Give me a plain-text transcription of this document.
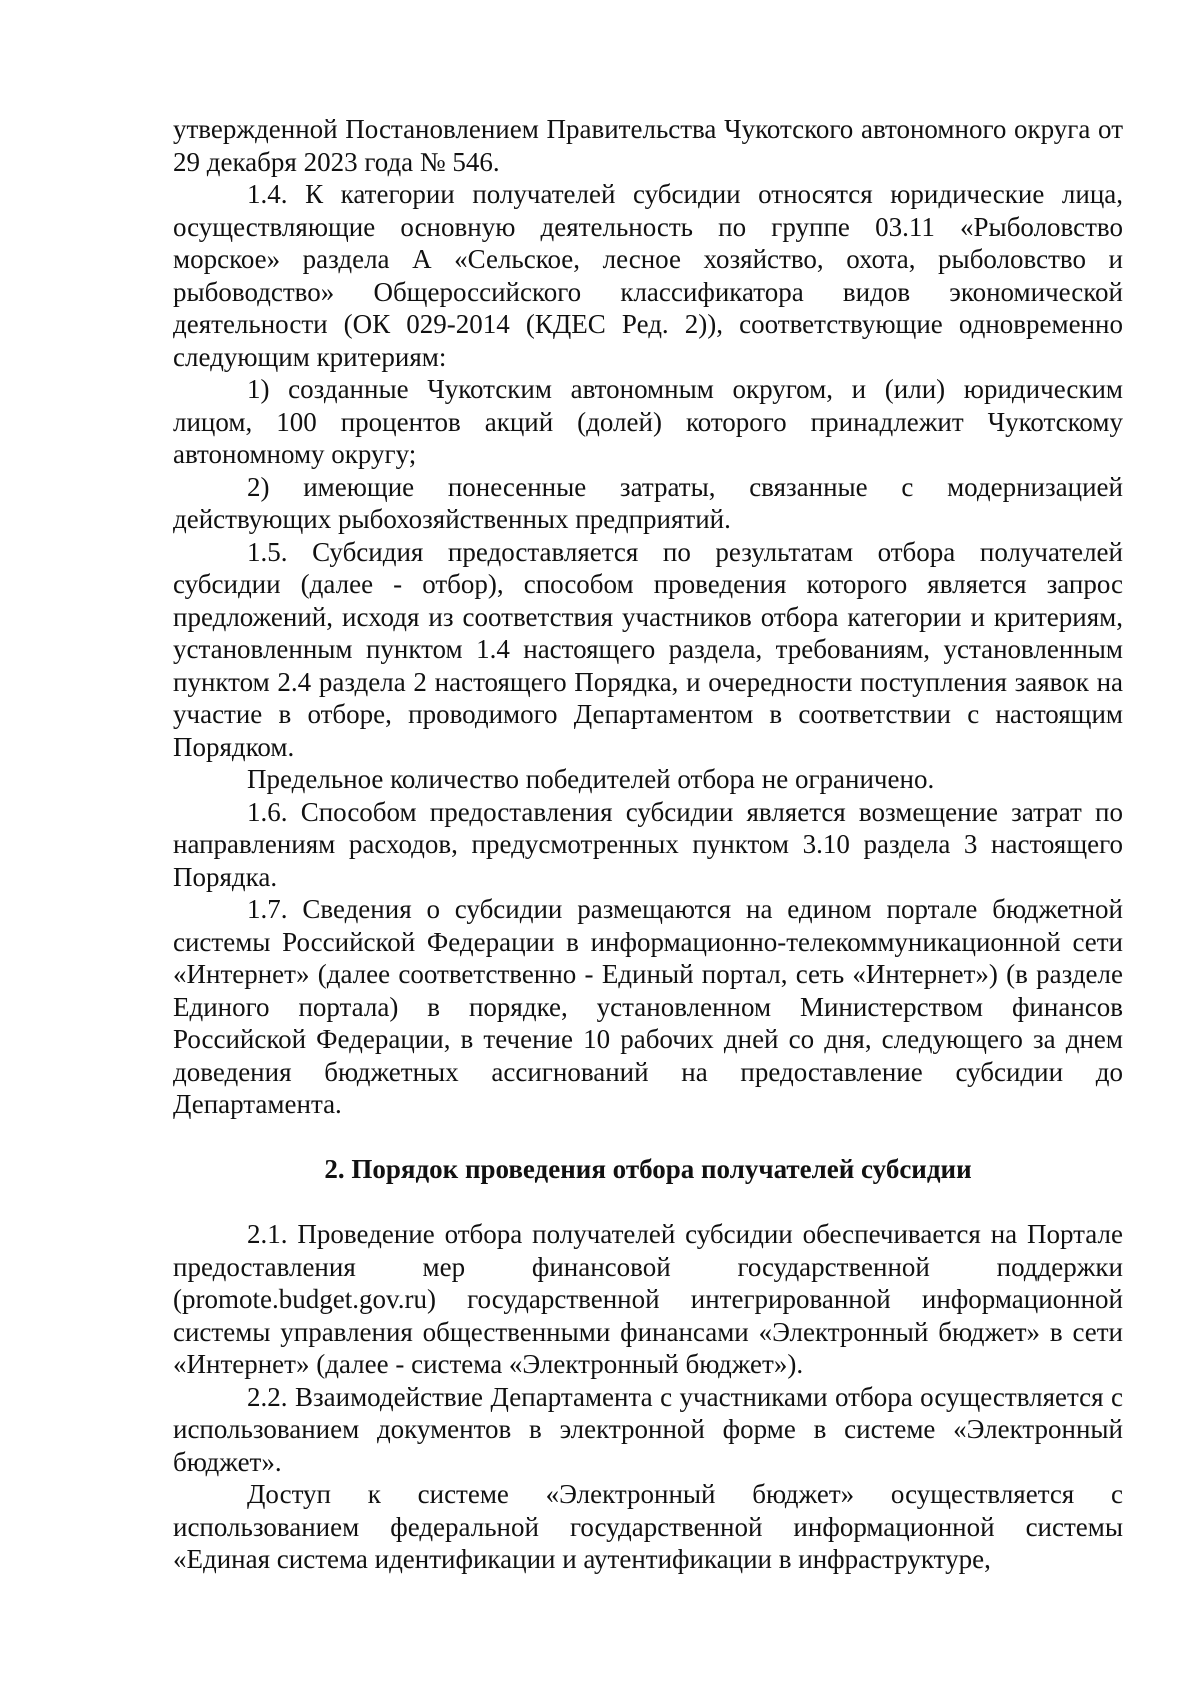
утвержденной Постановлением Правительства Чукотского автономного округа от 29 декабря 2023 года № 546.

1.4. К категории получателей субсидии относятся юридические лица, осуществляющие основную деятельность по группе 03.11 «Рыболовство морское» раздела А «Сельское, лесное хозяйство, охота, рыболовство и рыбоводство» Общероссийского классификатора видов экономической деятельности (ОК 029-2014 (КДЕС Ред. 2)), соответствующие одновременно следующим критериям:

1) созданные Чукотским автономным округом, и (или) юридическим лицом, 100 процентов акций (долей) которого принадлежит Чукотскому автономному округу;

2) имеющие понесенные затраты, связанные с модернизацией действующих рыбохозяйственных предприятий.

1.5. Субсидия предоставляется по результатам отбора получателей субсидии (далее - отбор), способом проведения которого является запрос предложений, исходя из соответствия участников отбора категории и критериям, установленным пунктом 1.4 настоящего раздела, требованиям, установленным пунктом 2.4 раздела 2 настоящего Порядка, и очередности поступления заявок на участие в отборе, проводимого Департаментом в соответствии с настоящим Порядком.

Предельное количество победителей отбора не ограничено.

1.6. Способом предоставления субсидии является возмещение затрат по направлениям расходов, предусмотренных пунктом 3.10 раздела 3 настоящего Порядка.

1.7. Сведения о субсидии размещаются на едином портале бюджетной системы Российской Федерации в информационно-телекоммуникационной сети «Интернет» (далее соответственно - Единый портал, сеть «Интернет») (в разделе Единого портала) в порядке, установленном Министерством финансов Российской Федерации, в течение 10 рабочих дней со дня, следующего за днем доведения бюджетных ассигнований на предоставление субсидии до Департамента.

2. Порядок проведения отбора получателей субсидии

2.1. Проведение отбора получателей субсидии обеспечивается на Портале предоставления мер финансовой государственной поддержки (promote.budget.gov.ru) государственной интегрированной информационной системы управления общественными финансами «Электронный бюджет» в сети «Интернет» (далее - система «Электронный бюджет»).

2.2. Взаимодействие Департамента с участниками отбора осуществляется с использованием документов в электронной форме в системе «Электронный бюджет».

Доступ к системе «Электронный бюджет» осуществляется с использованием федеральной государственной информационной системы «Единая система идентификации и аутентификации в инфраструктуре,
